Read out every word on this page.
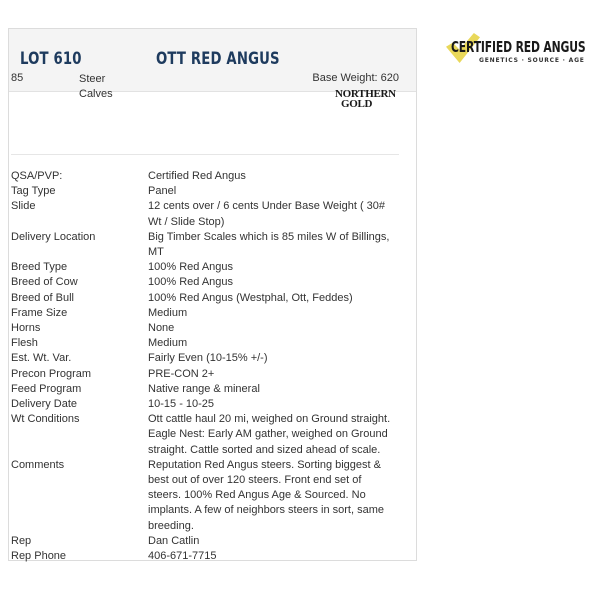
LOT 610	OTT RED ANGUS
85	Steer Calves
Base Weight: 620
NORTHERN
GOLD
QSA/PVP:	Certified Red Angus
Tag Type	Panel
Slide	12 cents over / 6 cents Under Base Weight ( 30# Wt / Slide Stop)
Delivery Location	Big Timber Scales which is 85 miles W of Billings, MT
Breed Type	100% Red Angus
Breed of Cow	100% Red Angus
Breed of Bull	100% Red Angus (Westphal, Ott, Feddes)
Frame Size	Medium
Horns	None
Flesh	Medium
Est. Wt. Var.	Fairly Even (10-15% +/-)
Precon Program	PRE-CON 2+
Feed Program	Native range & mineral
Delivery Date	10-15 - 10-25
Wt Conditions	Ott cattle haul 20 mi, weighed on Ground straight. Eagle Nest: Early AM gather, weighed on Ground straight. Cattle sorted and sized ahead of scale.
Comments	Reputation Red Angus steers. Sorting biggest & best out of over 120 steers. Front end set of steers. 100% Red Angus Age & Sourced. No implants. A few of neighbors steers in sort, same breeding.
Rep	Dan Catlin
Rep Phone	406-671-7715
CERTIFIED RED ANGUS
GENETICS · SOURCE · AGE
